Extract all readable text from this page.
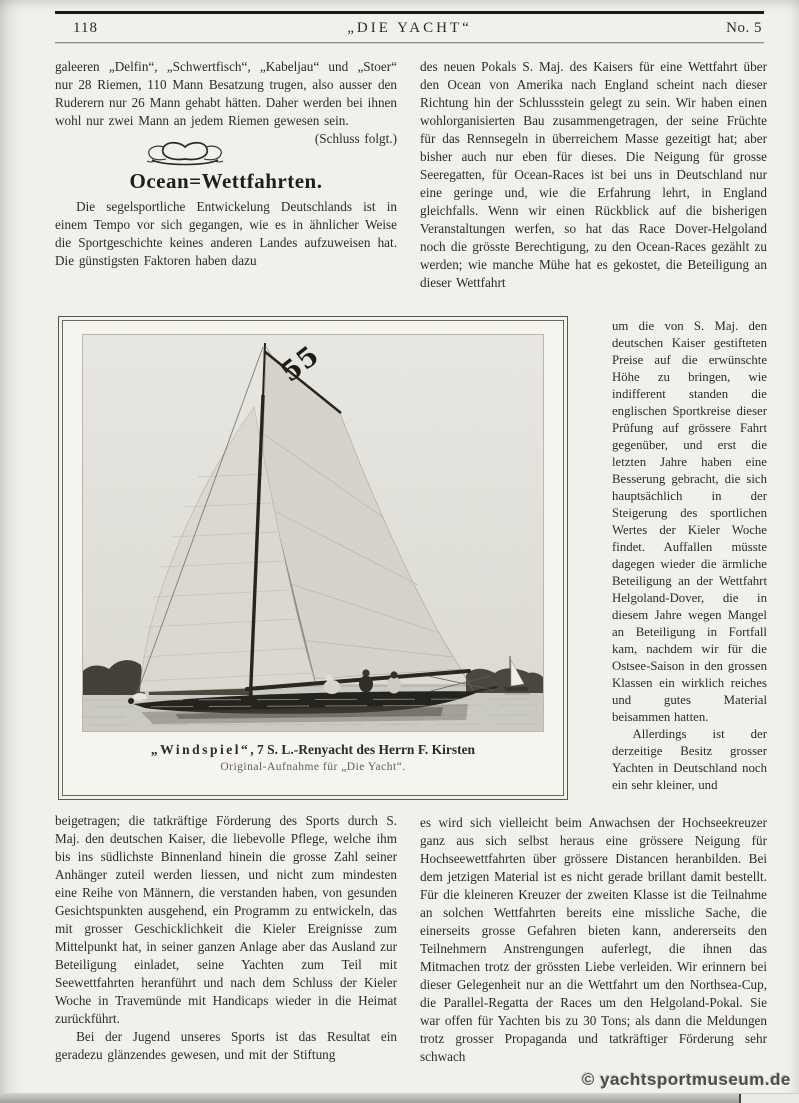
118	„DIE YACHT“	No. 5

galeeren „Delfin“, „Schwertfisch“, „Kabeljau“ und „Stoer“ nur 28 Riemen, 110 Mann Besatzung trugen, also ausser den Ruderern nur 26 Mann gehabt hätten. Daher werden bei ihnen wohl nur zwei Mann an jedem Riemen gewesen sein.
(Schluss folgt.)

Ocean=Wettfahrten.

Die segelsportliche Entwickelung Deutschlands ist in einem Tempo vor sich gegangen, wie es in ähnlicher Weise die Sportgeschichte keines anderen Landes aufzuweisen hat. Die günstigsten Faktoren haben dazu

des neuen Pokals S. Maj. des Kaisers für eine Wettfahrt über den Ocean von Amerika nach England scheint nach dieser Richtung hin der Schlussstein gelegt zu sein. Wir haben einen wohlorganisierten Bau zusammengetragen, der seine Früchte für das Rennsegeln in überreichem Masse gezeitigt hat; aber bisher auch nur eben für dieses. Die Neigung für grosse Seeregatten, für Ocean-Races ist bei uns in Deutschland nur eine geringe und, wie die Erfahrung lehrt, in England gleichfalls. Wenn wir einen Rückblick auf die bisherigen Veranstaltungen werfen, so hat das Race Dover-Helgoland noch die grösste Berechtigung, zu den Ocean-Races gezählt zu werden; wie manche Mühe hat es gekostet, die Beteiligung an dieser Wettfahrt

um die von S. Maj. den deutschen Kaiser gestifteten Preise auf die erwünschte Höhe zu bringen, wie indifferent standen die englischen Sportkreise dieser Prüfung auf grössere Fahrt gegenüber, und erst die letzten Jahre haben eine Besserung gebracht, die sich hauptsächlich in der Steigerung des sportlichen Wertes der Kieler Woche findet. Auffallen müsste dagegen wieder die ärmliche Beteiligung an der Wettfahrt Helgoland-Dover, die in diesem Jahre wegen Mangel an Beteiligung in Fortfall kam, nachdem wir für die Ostsee-Saison in den grossen Klassen ein wirklich reiches und gutes Material beisammen hatten.

Allerdings ist der derzeitige Besitz grosser Yachten in Deutschland noch ein sehr kleiner, und

„Windspiel“, 7 S. L.-Renyacht des Herrn F. Kirsten
Original-Aufnahme für „Die Yacht“.

beigetragen; die tatkräftige Förderung des Sports durch S. Maj. den deutschen Kaiser, die liebevolle Pflege, welche ihm bis ins südlichste Binnenland hinein die grosse Zahl seiner Anhänger zuteil werden liessen, und nicht zum mindesten eine Reihe von Männern, die verstanden haben, von gesunden Gesichtspunkten ausgehend, ein Programm zu entwickeln, das mit grosser Geschicklichkeit die Kieler Ereignisse zum Mittelpunkt hat, in seiner ganzen Anlage aber das Ausland zur Beteiligung einladet, seine Yachten zum Teil mit Seewettfahrten heranführt und nach dem Schluss der Kieler Woche in Travemünde mit Handicaps wieder in die Heimat zurückführt.

Bei der Jugend unseres Sports ist das Resultat ein geradezu glänzendes gewesen, und mit der Stiftung

es wird sich vielleicht beim Anwachsen der Hochseekreuzer ganz aus sich selbst heraus eine grössere Neigung für Hochseewettfahrten über grössere Distancen heranbilden. Bei dem jetzigen Material ist es nicht gerade brillant damit bestellt. Für die kleineren Kreuzer der zweiten Klasse ist die Teilnahme an solchen Wettfahrten bereits eine missliche Sache, die einerseits grosse Gefahren bieten kann, andererseits den Teilnehmern Anstrengungen auferlegt, die ihnen das Mitmachen trotz der grössten Liebe verleiden. Wir erinnern bei dieser Gelegenheit nur an die Wettfahrt um den Northsea-Cup, die Parallel-Regatta der Races um den Helgoland-Pokal. Sie war offen für Yachten bis zu 30 Tons; als dann die Meldungen trotz grosser Propaganda und tatkräftiger Förderung sehr schwach

© yachtsportmuseum.de
